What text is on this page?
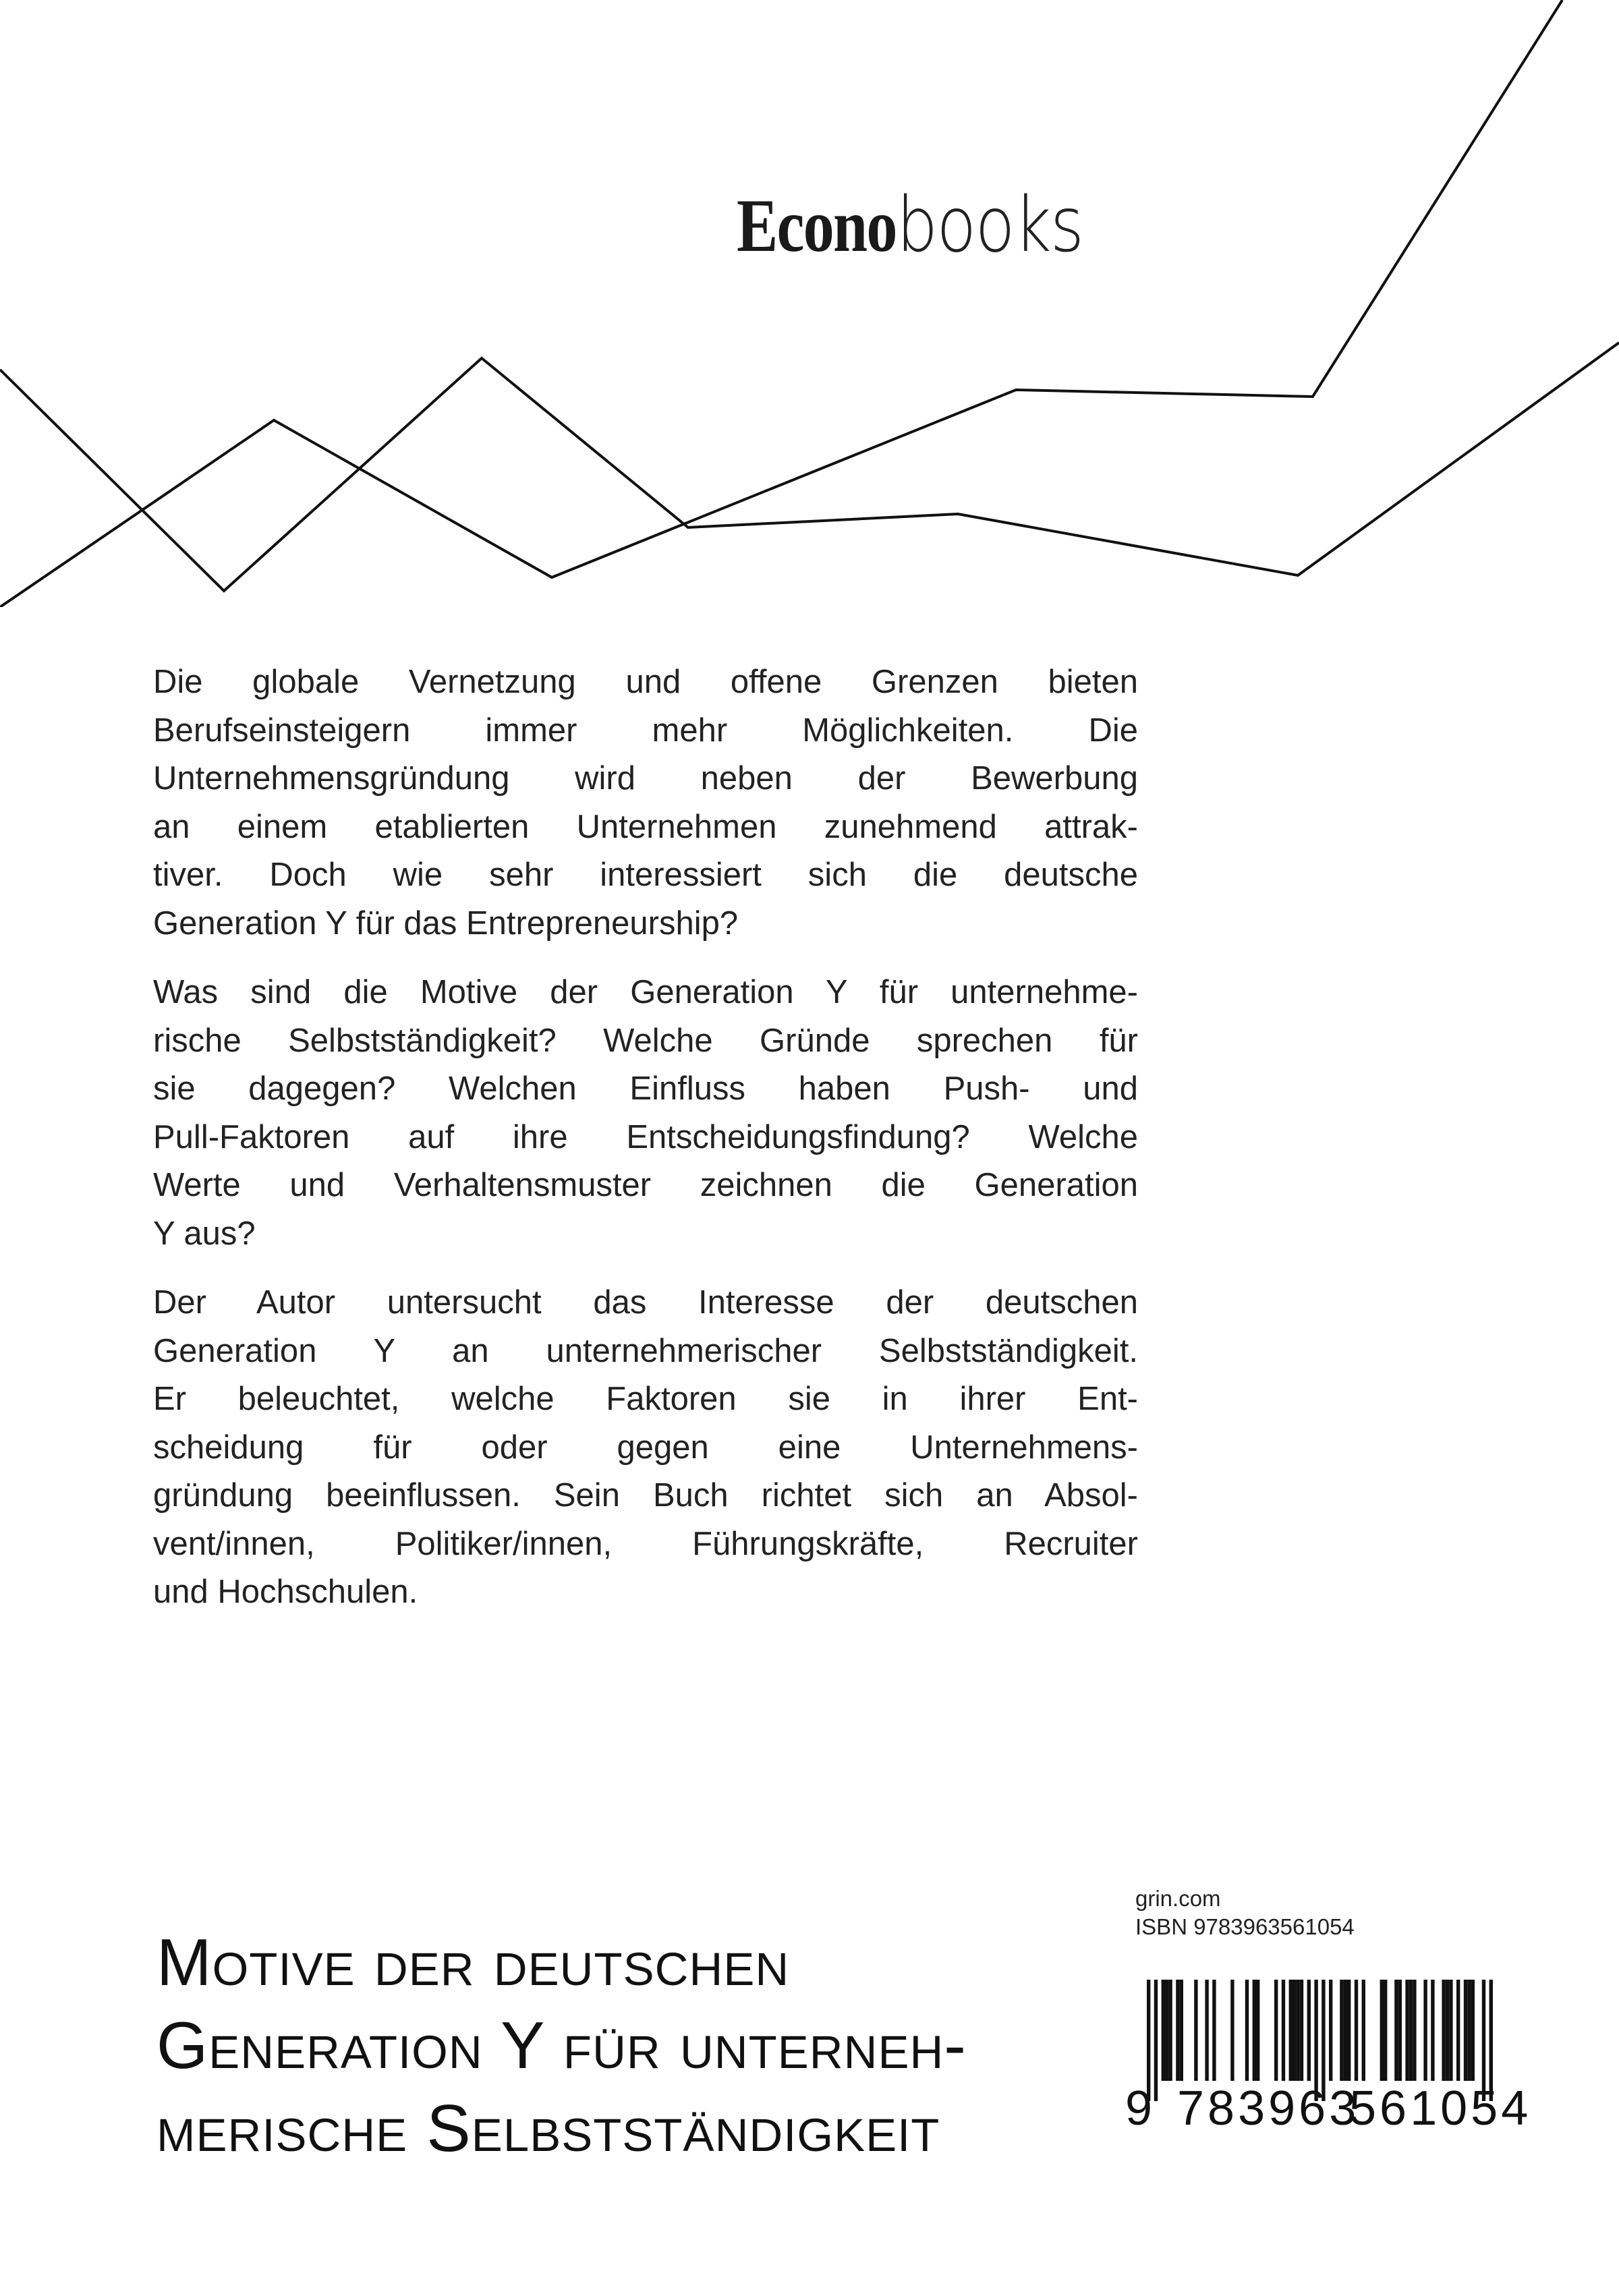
Econobooks
Die globale Vernetzung und offene Grenzen bieten
Berufseinsteigern immer mehr Möglichkeiten. Die
Unternehmensgründung wird neben der Bewerbung
an einem etablierten Unternehmen zunehmend attrak-
tiver. Doch wie sehr interessiert sich die deutsche
Generation Y für das Entrepreneurship?
Was sind die Motive der Generation Y für unternehme-
rische Selbstständigkeit? Welche Gründe sprechen für
sie dagegen? Welchen Einfluss haben Push- und
Pull-Faktoren auf ihre Entscheidungsfindung? Welche
Werte und Verhaltensmuster zeichnen die Generation
Y aus?
Der Autor untersucht das Interesse der deutschen
Generation Y an unternehmerischer Selbstständigkeit.
Er beleuchtet, welche Faktoren sie in ihrer Ent-
scheidung für oder gegen eine Unternehmens-
gründung beeinflussen. Sein Buch richtet sich an Absol-
vent/innen, Politiker/innen, Führungskräfte, Recruiter
und Hochschulen.
Motive der deutschen
Generation Y für unterneh-
merische Selbstständigkeit
grin.com
ISBN 9783963561054
9 783963
561054
